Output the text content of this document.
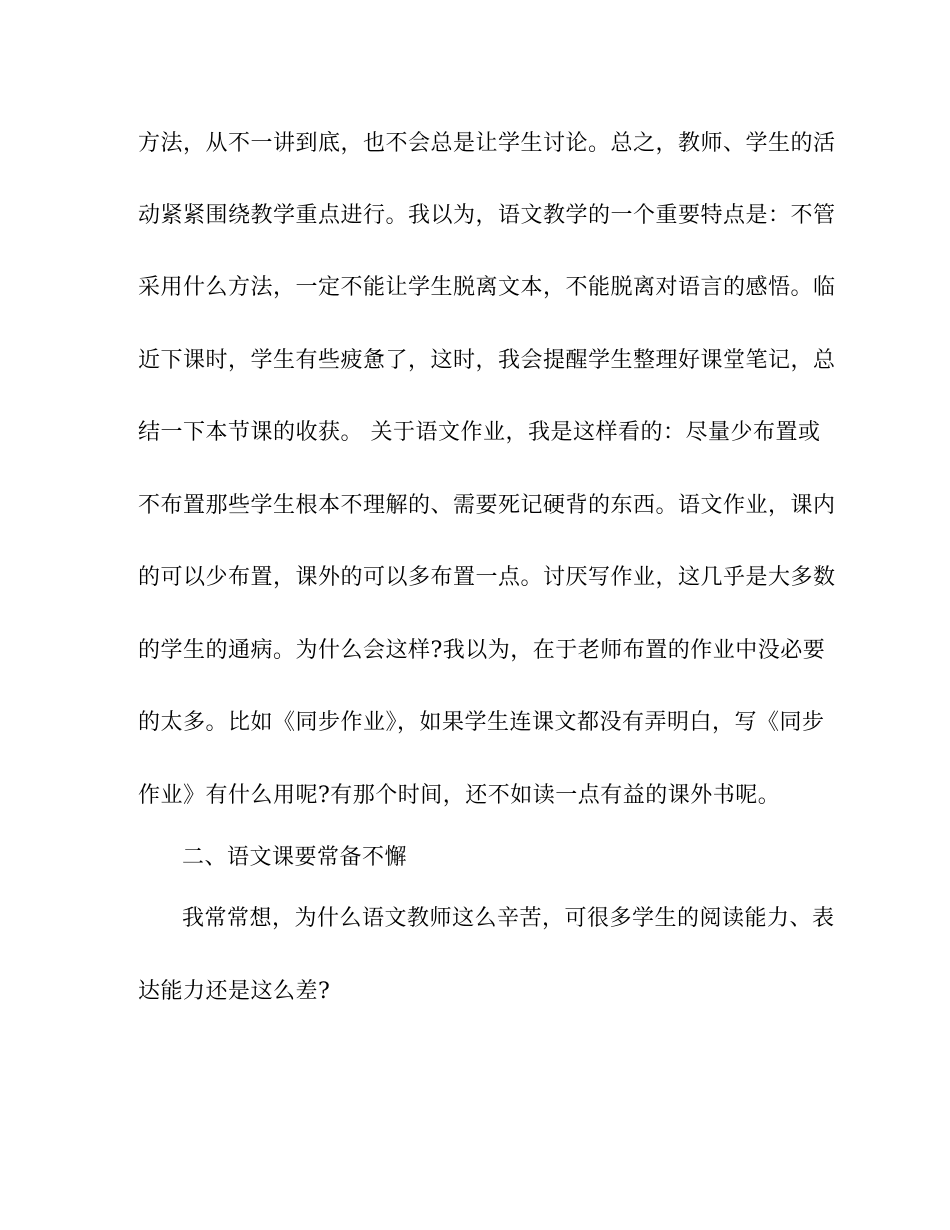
方法，从不一讲到底，也不会总是让学生讨论。总之，教师、学生的活
动紧紧围绕教学重点进行。我以为，语文教学的一个重要特点是：不管
采用什么方法，一定不能让学生脱离文本，不能脱离对语言的感悟。临
近下课时，学生有些疲惫了，这时，我会提醒学生整理好课堂笔记，总
结一下本节课的收获。 关于语文作业，我是这样看的：尽量少布置或
不布置那些学生根本不理解的、需要死记硬背的东西。语文作业，课内
的可以少布置，课外的可以多布置一点。讨厌写作业，这几乎是大多数
的学生的通病。为什么会这样?我以为，在于老师布置的作业中没必要
的太多。比如《同步作业》，如果学生连课文都没有弄明白，写《同步
作业》有什么用呢?有那个时间，还不如读一点有益的课外书呢。
二、语文课要常备不懈
我常常想，为什么语文教师这么辛苦，可很多学生的阅读能力、表
达能力还是这么差?
